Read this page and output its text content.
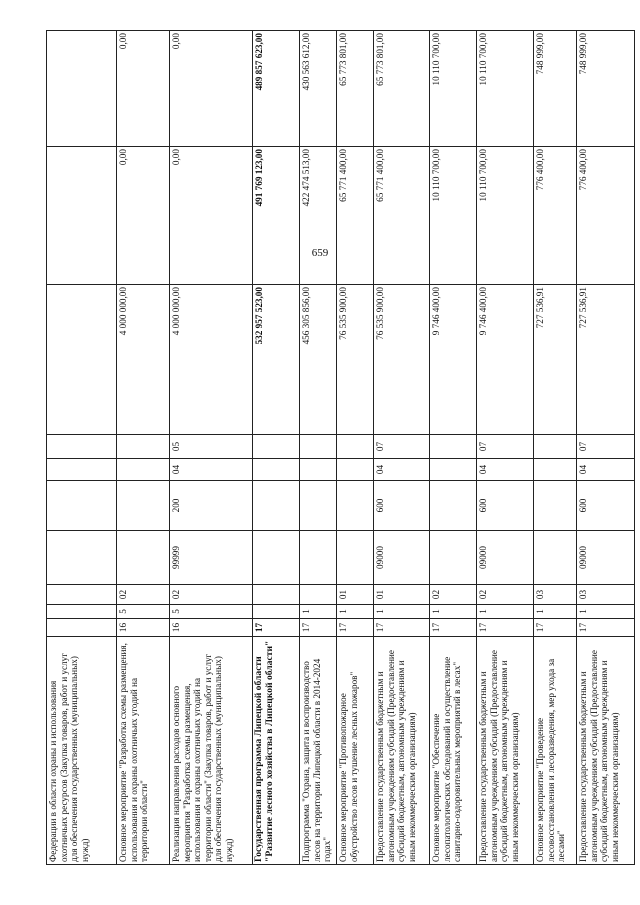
659
Федерации в области охраны и использования охотничьих ресурсов (Закупка товаров, работ и услуг для обеспечения государственных (муниципальных) нужд)										
Основное мероприятие "Разработка схемы размещения, использования и охраны охотничьих угодий на территории области"	16	5	02					4 000 000,00	0,00	0,00
Реализация направления расходов основного мероприятия "Разработка схемы размещения, использования и охраны охотничьих угодий на территории области" (Закупка товаров, работ и услуг для обеспечения государственных (муниципальных) нужд)	16	5	02	99999	200	04	05	4 000 000,00	0,00	0,00
Государственная программа Липецкой области "Развитие лесного хозяйства в Липецкой области"	17							532 957 523,00	491 769 123,00	489 857 623,00
Подпрограмма "Охрана, защита и воспроизводство лесов на территории Липецкой области в 2014-2024 годах"	17	1						456 305 856,00	422 474 513,00	430 563 612,00
Основное мероприятие "Противопожарное обустройство лесов и тушение лесных пожаров"	17	1	01					76 535 900,00	65 771 400,00	65 773 801,00
Предоставление государственным бюджетным и автономным учреждениям субсидий (Предоставление субсидий бюджетным, автономным учреждениям и иным некоммерческим организациям)	17	1	01	09000	600	04	07	76 535 900,00	65 771 400,00	65 773 801,00
Основное мероприятие "Обеспечение лесопатологических обследований и осуществление санитарно-оздоровительных мероприятий в лесах"	17	1	02					9 746 400,00	10 110 700,00	10 110 700,00
Предоставление государственным бюджетным и автономным учреждениям субсидий (Предоставление субсидий бюджетным, автономным учреждениям и иным некоммерческим организациям)	17	1	02	09000	600	04	07	9 746 400,00	10 110 700,00	10 110 700,00
Основное мероприятие "Проведение лесовосстановления и лесоразведения, мер ухода за лесами"	17	1	03					727 536,91	776 400,00	748 999,00
Предоставление государственным бюджетным и автономным учреждениям субсидий (Предоставление субсидий бюджетным, автономным учреждениям и иным некоммерческим организациям)	17	1	03	09000	600	04	07	727 536,91	776 400,00	748 999,00
